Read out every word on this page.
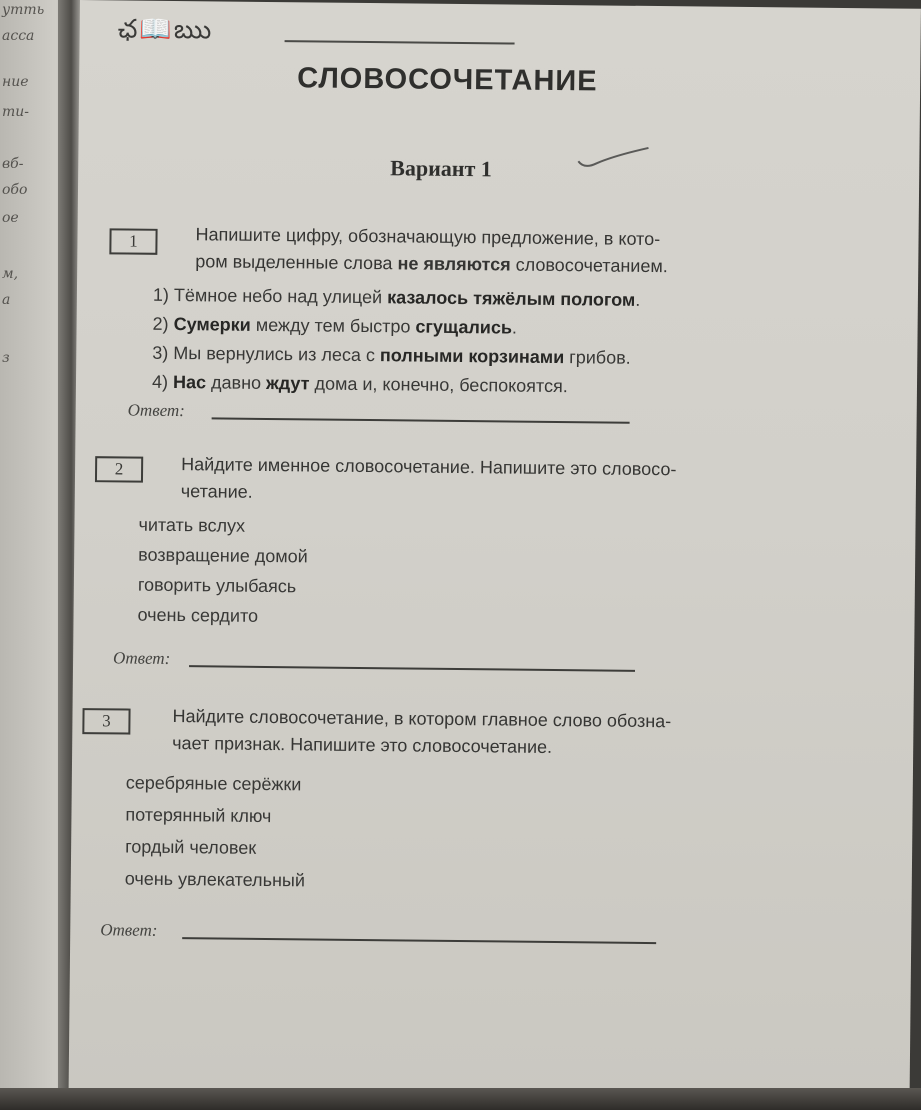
утть
асса
ние
ти-
вб-
обо
ое
м,
а
з
ఛ📖ఋ
СЛОВОСОЧЕТАНИЕ
Вариант 1
1	Напишите цифру, обозначающую предложение, в кото-
ром выделенные слова не являются словосочетанием.
1) Тёмное небо над улицей казалось тяжёлым пологом.
2) Сумерки между тем быстро сгущались.
3) Мы вернулись из леса с полными корзинами грибов.
4) Нас давно ждут дома и, конечно, беспокоятся.
Ответ:
2	Найдите именное словосочетание. Напишите это словосо-
четание.
читать вслух
возвращение домой
говорить улыбаясь
очень сердито
Ответ:
3	Найдите словосочетание, в котором главное слово обозна-
чает признак. Напишите это словосочетание.
серебряные серёжки
потерянный ключ
гордый человек
очень увлекательный
Ответ:
